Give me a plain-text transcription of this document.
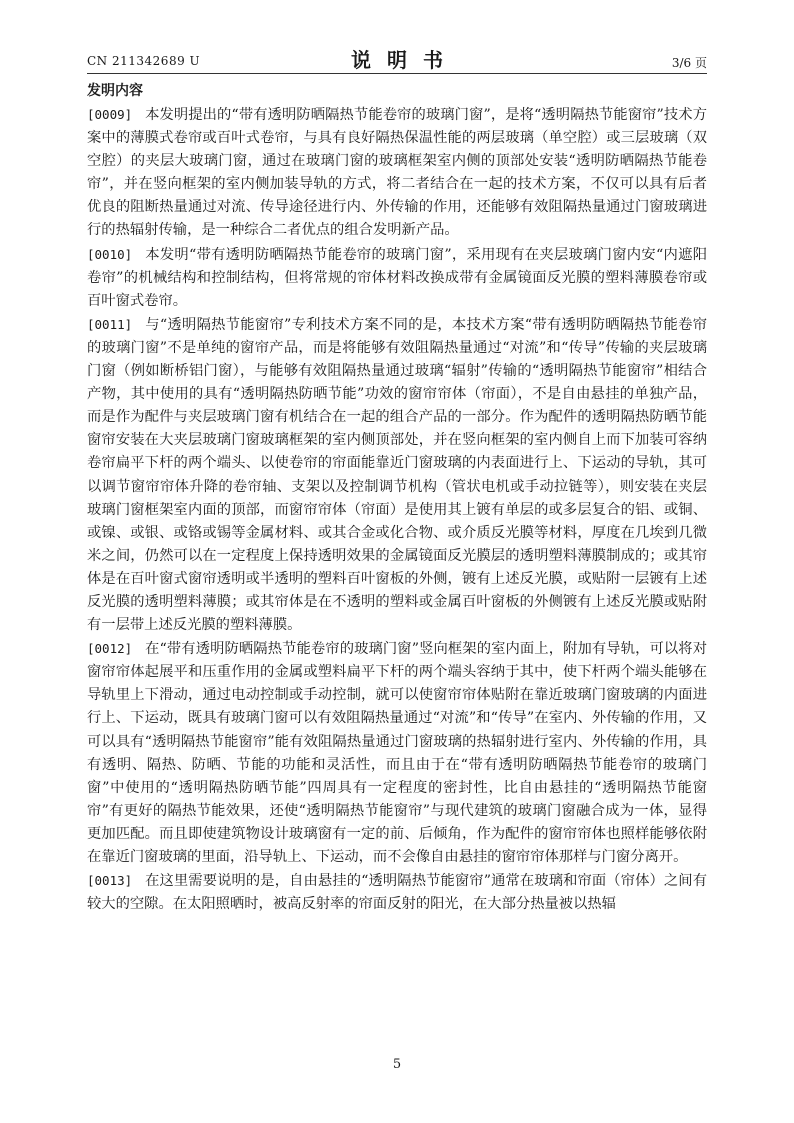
CN 211342689 U	说明书	3/6 页
发明内容

[0009] 本发明提出的“带有透明防晒隔热节能卷帘的玻璃门窗”，是将“透明隔热节能窗帘”技术方案中的薄膜式卷帘或百叶式卷帘，与具有良好隔热保温性能的两层玻璃（单空腔）或三层玻璃（双空腔）的夹层大玻璃门窗，通过在玻璃门窗的玻璃框架室内侧的顶部处安装“透明防晒隔热节能卷帘”，并在竖向框架的室内侧加装导轨的方式，将二者结合在一起的技术方案，不仅可以具有后者优良的阻断热量通过对流、传导途径进行内、外传输的作用，还能够有效阻隔热量通过门窗玻璃进行的热辐射传输，是一种综合二者优点的组合发明新产品。

[0010] 本发明“带有透明防晒隔热节能卷帘的玻璃门窗”，采用现有在夹层玻璃门窗内安“内遮阳卷帘”的机械结构和控制结构，但将常规的帘体材料改换成带有金属镜面反光膜的塑料薄膜卷帘或百叶窗式卷帘。

[0011] 与“透明隔热节能窗帘”专利技术方案不同的是，本技术方案“带有透明防晒隔热节能卷帘的玻璃门窗”不是单纯的窗帘产品，而是将能够有效阻隔热量通过“对流”和“传导”传输的夹层玻璃门窗（例如断桥铝门窗），与能够有效阻隔热量通过玻璃“辐射”传输的“透明隔热节能窗帘”相结合产物，其中使用的具有“透明隔热防晒节能”功效的窗帘帘体（帘面），不是自由悬挂的单独产品，而是作为配件与夹层玻璃门窗有机结合在一起的组合产品的一部分。作为配件的透明隔热防晒节能窗帘安装在大夹层玻璃门窗玻璃框架的室内侧顶部处，并在竖向框架的室内侧自上而下加装可容纳卷帘扁平下杆的两个端头、以使卷帘的帘面能靠近门窗玻璃的内表面进行上、下运动的导轨，其可以调节窗帘帘体升降的卷帘轴、支架以及控制调节机构（管状电机或手动拉链等），则安装在夹层玻璃门窗框架室内面的顶部，而窗帘帘体（帘面）是使用其上镀有单层的或多层复合的铝、或铜、或镍、或银、或铬或锡等金属材料、或其合金或化合物、或介质反光膜等材料，厚度在几埃到几微米之间，仍然可以在一定程度上保持透明效果的金属镜面反光膜层的透明塑料薄膜制成的；或其帘体是在百叶窗式窗帘透明或半透明的塑料百叶窗板的外侧，镀有上述反光膜，或贴附一层镀有上述反光膜的透明塑料薄膜；或其帘体是在不透明的塑料或金属百叶窗板的外侧镀有上述反光膜或贴附有一层带上述反光膜的塑料薄膜。

[0012] 在“带有透明防晒隔热节能卷帘的玻璃门窗”竖向框架的室内面上，附加有导轨，可以将对窗帘帘体起展平和压重作用的金属或塑料扁平下杆的两个端头容纳于其中，使下杆两个端头能够在导轨里上下滑动，通过电动控制或手动控制，就可以使窗帘帘体贴附在靠近玻璃门窗玻璃的内面进行上、下运动，既具有玻璃门窗可以有效阻隔热量通过“对流”和“传导”在室内、外传输的作用，又可以具有“透明隔热节能窗帘”能有效阻隔热量通过门窗玻璃的热辐射进行室内、外传输的作用，具有透明、隔热、防晒、节能的功能和灵活性，而且由于在“带有透明防晒隔热节能卷帘的玻璃门窗”中使用的“透明隔热防晒节能”四周具有一定程度的密封性，比自由悬挂的“透明隔热节能窗帘”有更好的隔热节能效果，还使“透明隔热节能窗帘”与现代建筑的玻璃门窗融合成为一体，显得更加匹配。而且即使建筑物设计玻璃窗有一定的前、后倾角，作为配件的窗帘帘体也照样能够依附在靠近门窗玻璃的里面，沿导轨上、下运动，而不会像自由悬挂的窗帘帘体那样与门窗分离开。

[0013] 在这里需要说明的是，自由悬挂的“透明隔热节能窗帘”通常在玻璃和帘面（帘体）之间有较大的空隙。在太阳照晒时，被高反射率的帘面反射的阳光，在大部分热量被以热辐

5
